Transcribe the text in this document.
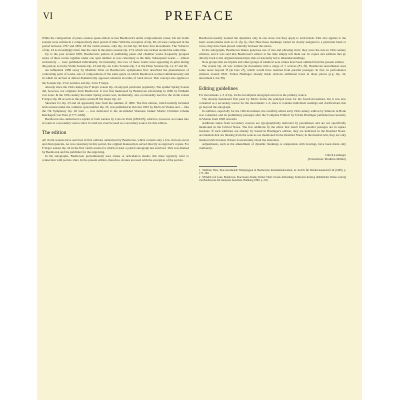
VI	PREFACE

While the composition of piano sonatas spans almost across Beethoven's entire compositional career, his ten violin sonatas were written in a comparatively short period of time: With the exception of Op. 96, all were composed in the period between 1797 and 1802. Of the violin sonatas, only Op. 24 and Op. 96 have four movements. The 'Scherzo' of Op. 24 is exceedingly brief, like the ones in the piano sonatas Op. 27/2 which was written around the same time.

Up to the year around 1805, Beethoven's pattern of publishing piano and chamber works frequently grouped series of three works together under one opus number as was customary at the time. Subsequent works — almost exclusively — were published individually. Occasionally, also two of these works were appearing in print during this period, as in the Violin Sonatas Op. 23 and Op. 24, Cello Sonatas Op. 5 or the Piano Sonatas Op. 14, 27 and 49.

An influential 1989 essay by Matthias Wais on Beethoven's symphonies first described the phenomenon of contrasting pairs of works, sets of compositions of the same genre on which Beethoven worked simultaneously and in which he arrived at almost diametrically opposed solutions in terms of tonal mood. This concept also applies to the Sonatas Op. 23 in A minor and Op. 24 in F major.

Already since the 19th century the F major sonata Op. 24 enjoyed particular popularity. The epithet Spring Sonata did, however, not originate from Beethoven. It was first mentioned by Beethoven scholarship in 1860 by Wilhelm von Lenz. In the 19th century the name Spring sonata was, incidentally, also occasionally used for the violin sonata F major Op. 96 as well as the piano sonata B flat major Op. 22.

Sketches for Op. 23 and 24 apparently date from the summer of 1800. The first edition, which initially included both sonatas under the common opus number Op. 23, was published in October 1801 by Mollo in Vienna and — like the 7th Symphony Op. 92 later — was dedicated to the art-minded Viennese banker Moritz Christian Johann Reichsgraf von Fries (1777–1826).

Beethoven also authorized a reprint of both sonatas by Cotta in Paris (1802/03), which is, however, not taken into account as a secondary source since it could not even be used as a secondary source for this edition.

The edition

All violin sonatas have survived in first editions authorized by Beethoven, which contain only a few obvious errors and discrepancies. As was customary in this period, the original manuscripts served directly as engraver's copies. For F major sonata Op. 24 in the first violin sonata for which at least a partial autograph has survived. This was marked by Beethoven and the publisher for the engraving.

In his autographs, Beethoven predominantly uses stroke or articulation marks; this must regularly refer to connection with portato slurs. In the present edition, therefore, strokes are used with the exception of the portato.

Beethoven usually notated the dynamics only in one stave, but they apply to both hands. This also applies to the basic sonata marks such as sf, sfp, fp, rfzd. Here these markings cannot be clearly assigned to a particular hand or voice, they have been placed centrally between the staves.

In the autographs, Beethoven makes generous use of ties and phrasing slurs; they were the rule in 19th century editions, and it was said that Beethoven's editors at the time simply left them out. In copies and editions that go directly back to the original manuscripts, this occasionally led to misunderstandings.

Note groups that are triplets and other groups of identical note values have been omitted from the present edition.

The sonata Op. 24 was written (in movement with a range of 5 octaves (F1–f3). Beethoven nevertheless uses some notes beyond f3 (in bars 27), which would have resulted from parallel passages. In fact, in performance editions around 1825, Tobias Haslinger already made obvious additional notes in those places (e.g. Op. 24, movement I, bar 38).

Editing guidelines

For movements 1–3 of Op. 24 the incomplete autograph served as the primary source.

The already mentioned first parts by Mollo forms the principal basis for the fourth movement, but it was also consulted as a secondary source for the movements 1–3, since it contains individual readings and clarifications that go beyond the autograph.

In addition, especially for the 19th movement, the carefully edited early 19th century edition by Simrock in Bonn was consulted, and its preliminary passages after the 'Complete Edition' by Tobias Haslinger published successively in Vienna from 1828 onwards.

Additions taken from secondary sources are typographically indicated by parentheses and are not specifically mentioned in the Critical Notes. The few additions by the editor that result from parallel passages are in square brackets. If such additions are already by Sound in Haslinger's edition, they are indicated in the Detailed Notes. Accidentals that are missing from the sources are mentioned in the Detailed Notes; in the musical text, they are only marked with brackets if there is uncertainty about the alteration.

Adjustments, such as the amendment of dynamic markings or adaptations with bowings, have been made only cautiously.

Ulrich Leisinger
(Translation: Matthias Müller)

1 Matthias Wais, Paar-anordnende Werkgruppen in Beethovens Instrumentalwerken, in: Archiv für Musikwissenschaft 46 (1989), p. 175–199.

2 Wilhelm von Lenz, Beethoven. Eine Kunst-Studie, Dritter Theil: Zweite Abtheilung: Kritischer Katalog sämmtlicher Werke Ludwig van Beethovens mit Analysen derselben, Hamburg 1860, p. 216.
